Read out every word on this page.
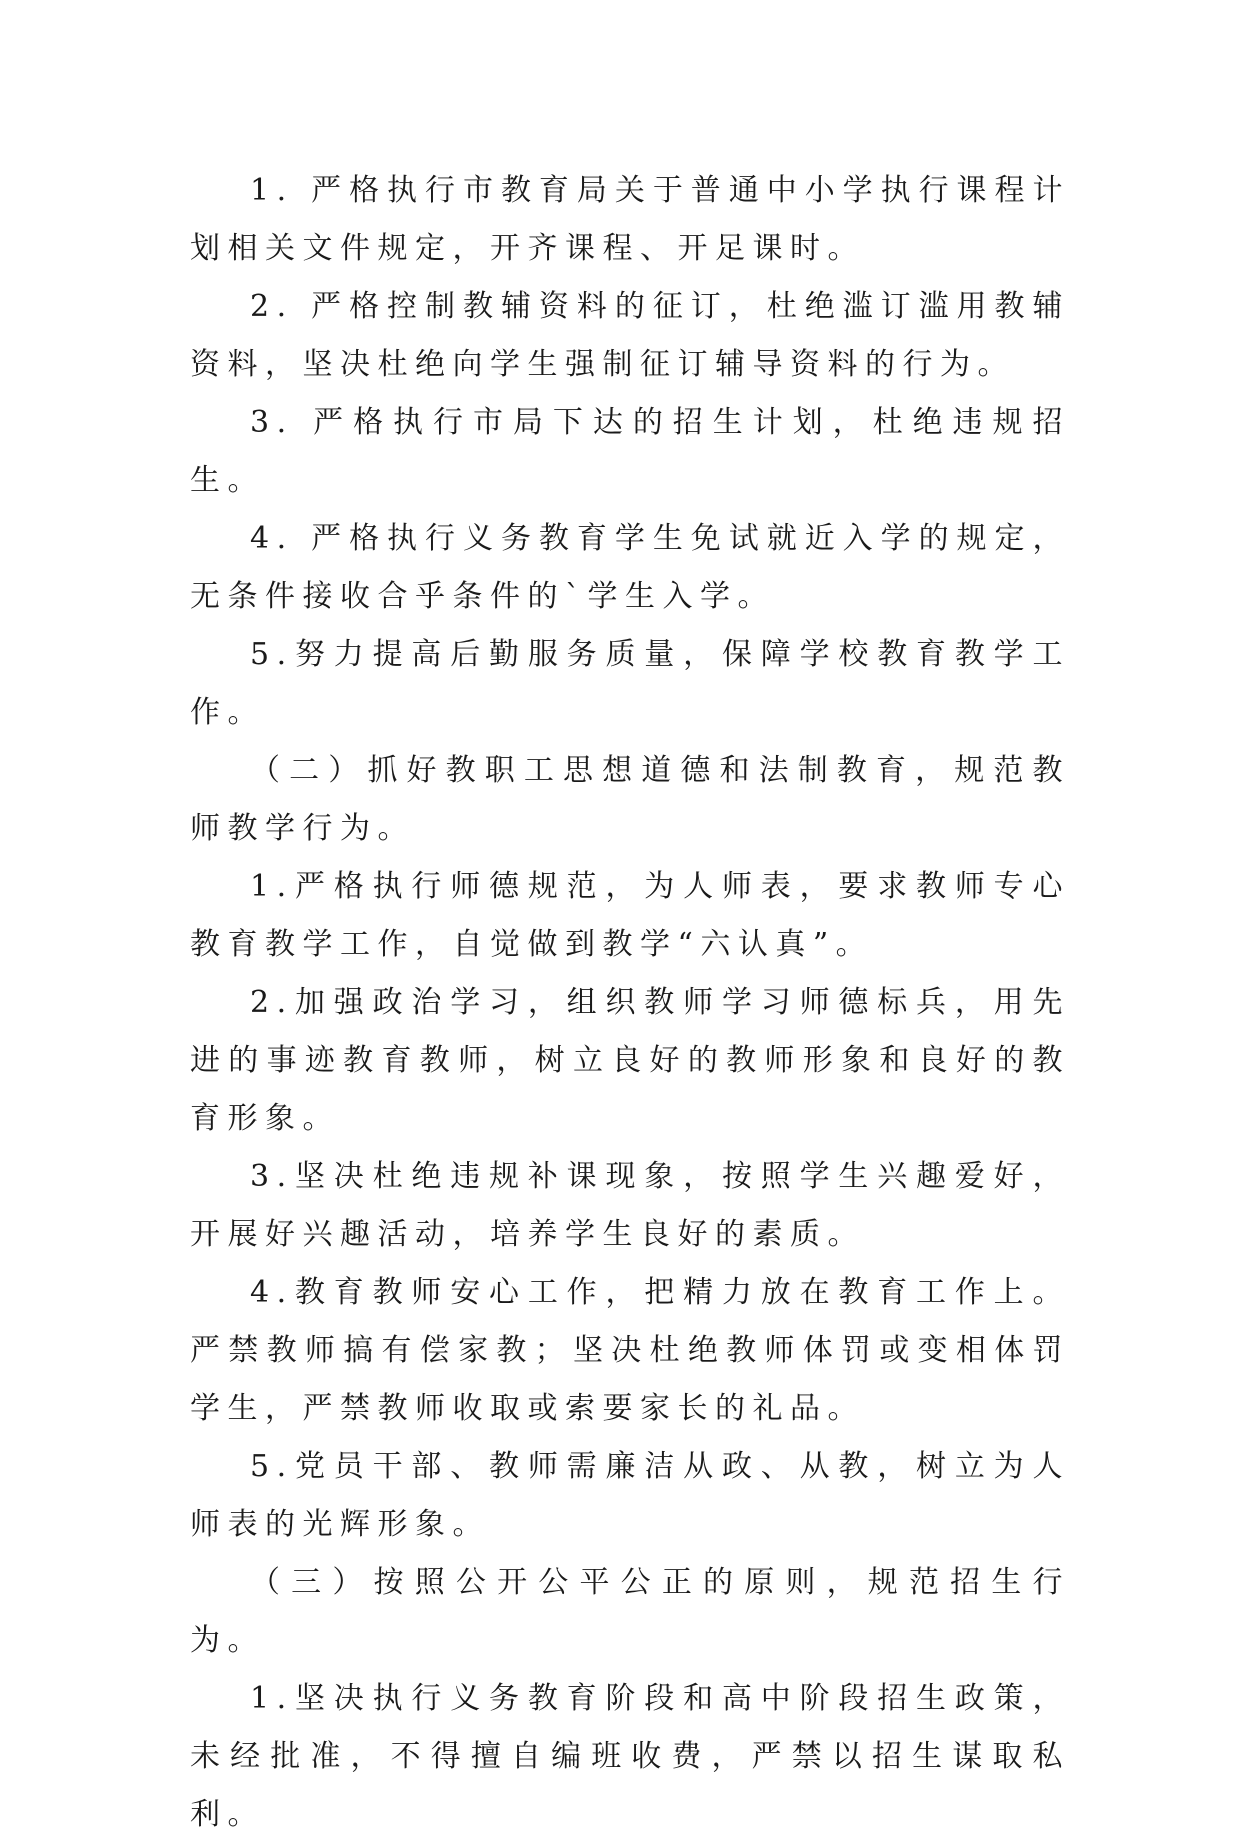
1. 严格执行市教育局关于普通中小学执行课程计划相关文件规定，开齐课程、开足课时。

2. 严格控制教辅资料的征订，杜绝滥订滥用教辅资料，坚决杜绝向学生强制征订辅导资料的行为。

3. 严格执行市局下达的招生计划，杜绝违规招生。

4. 严格执行义务教育学生免试就近入学的规定，无条件接收合乎条件的`学生入学。

5.努力提高后勤服务质量，保障学校教育教学工作。

（二）抓好教职工思想道德和法制教育，规范教师教学行为。

1.严格执行师德规范，为人师表，要求教师专心教育教学工作，自觉做到教学“六认真”。

2.加强政治学习，组织教师学习师德标兵，用先进的事迹教育教师，树立良好的教师形象和良好的教育形象。

3.坚决杜绝违规补课现象，按照学生兴趣爱好，开展好兴趣活动，培养学生良好的素质。

4.教育教师安心工作，把精力放在教育工作上。严禁教师搞有偿家教；坚决杜绝教师体罚或变相体罚学生，严禁教师收取或索要家长的礼品。

5.党员干部、教师需廉洁从政、从教，树立为人师表的光辉形象。

（三）按照公开公平公正的原则，规范招生行为。

1.坚决执行义务教育阶段和高中阶段招生政策，未经批准，不得擅自编班收费，严禁以招生谋取私利。
